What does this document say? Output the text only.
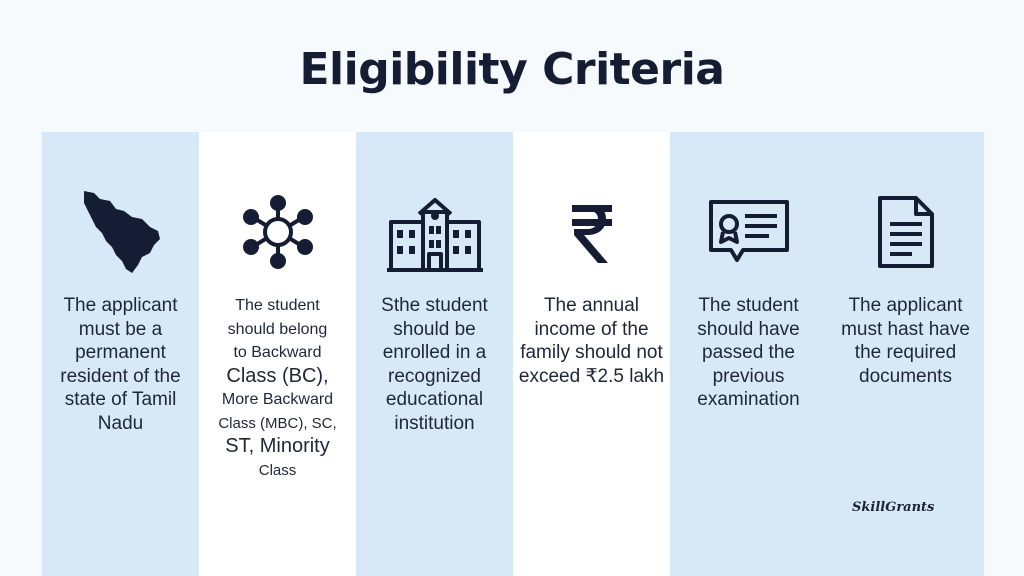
Eligibility Criteria
The applicant must be a permanent resident of the state of Tamil Nadu
The student
should belong
to Backward
Class (BC),
More Backward
Class (MBC), SC,
ST, Minority
Class
Sthe student should be enrolled in a recognized educational institution
The annual income of the family should not exceed ₹2.5 lakh
The student should have passed the previous examination
The applicant must hast have the required documents
SkillGrants
